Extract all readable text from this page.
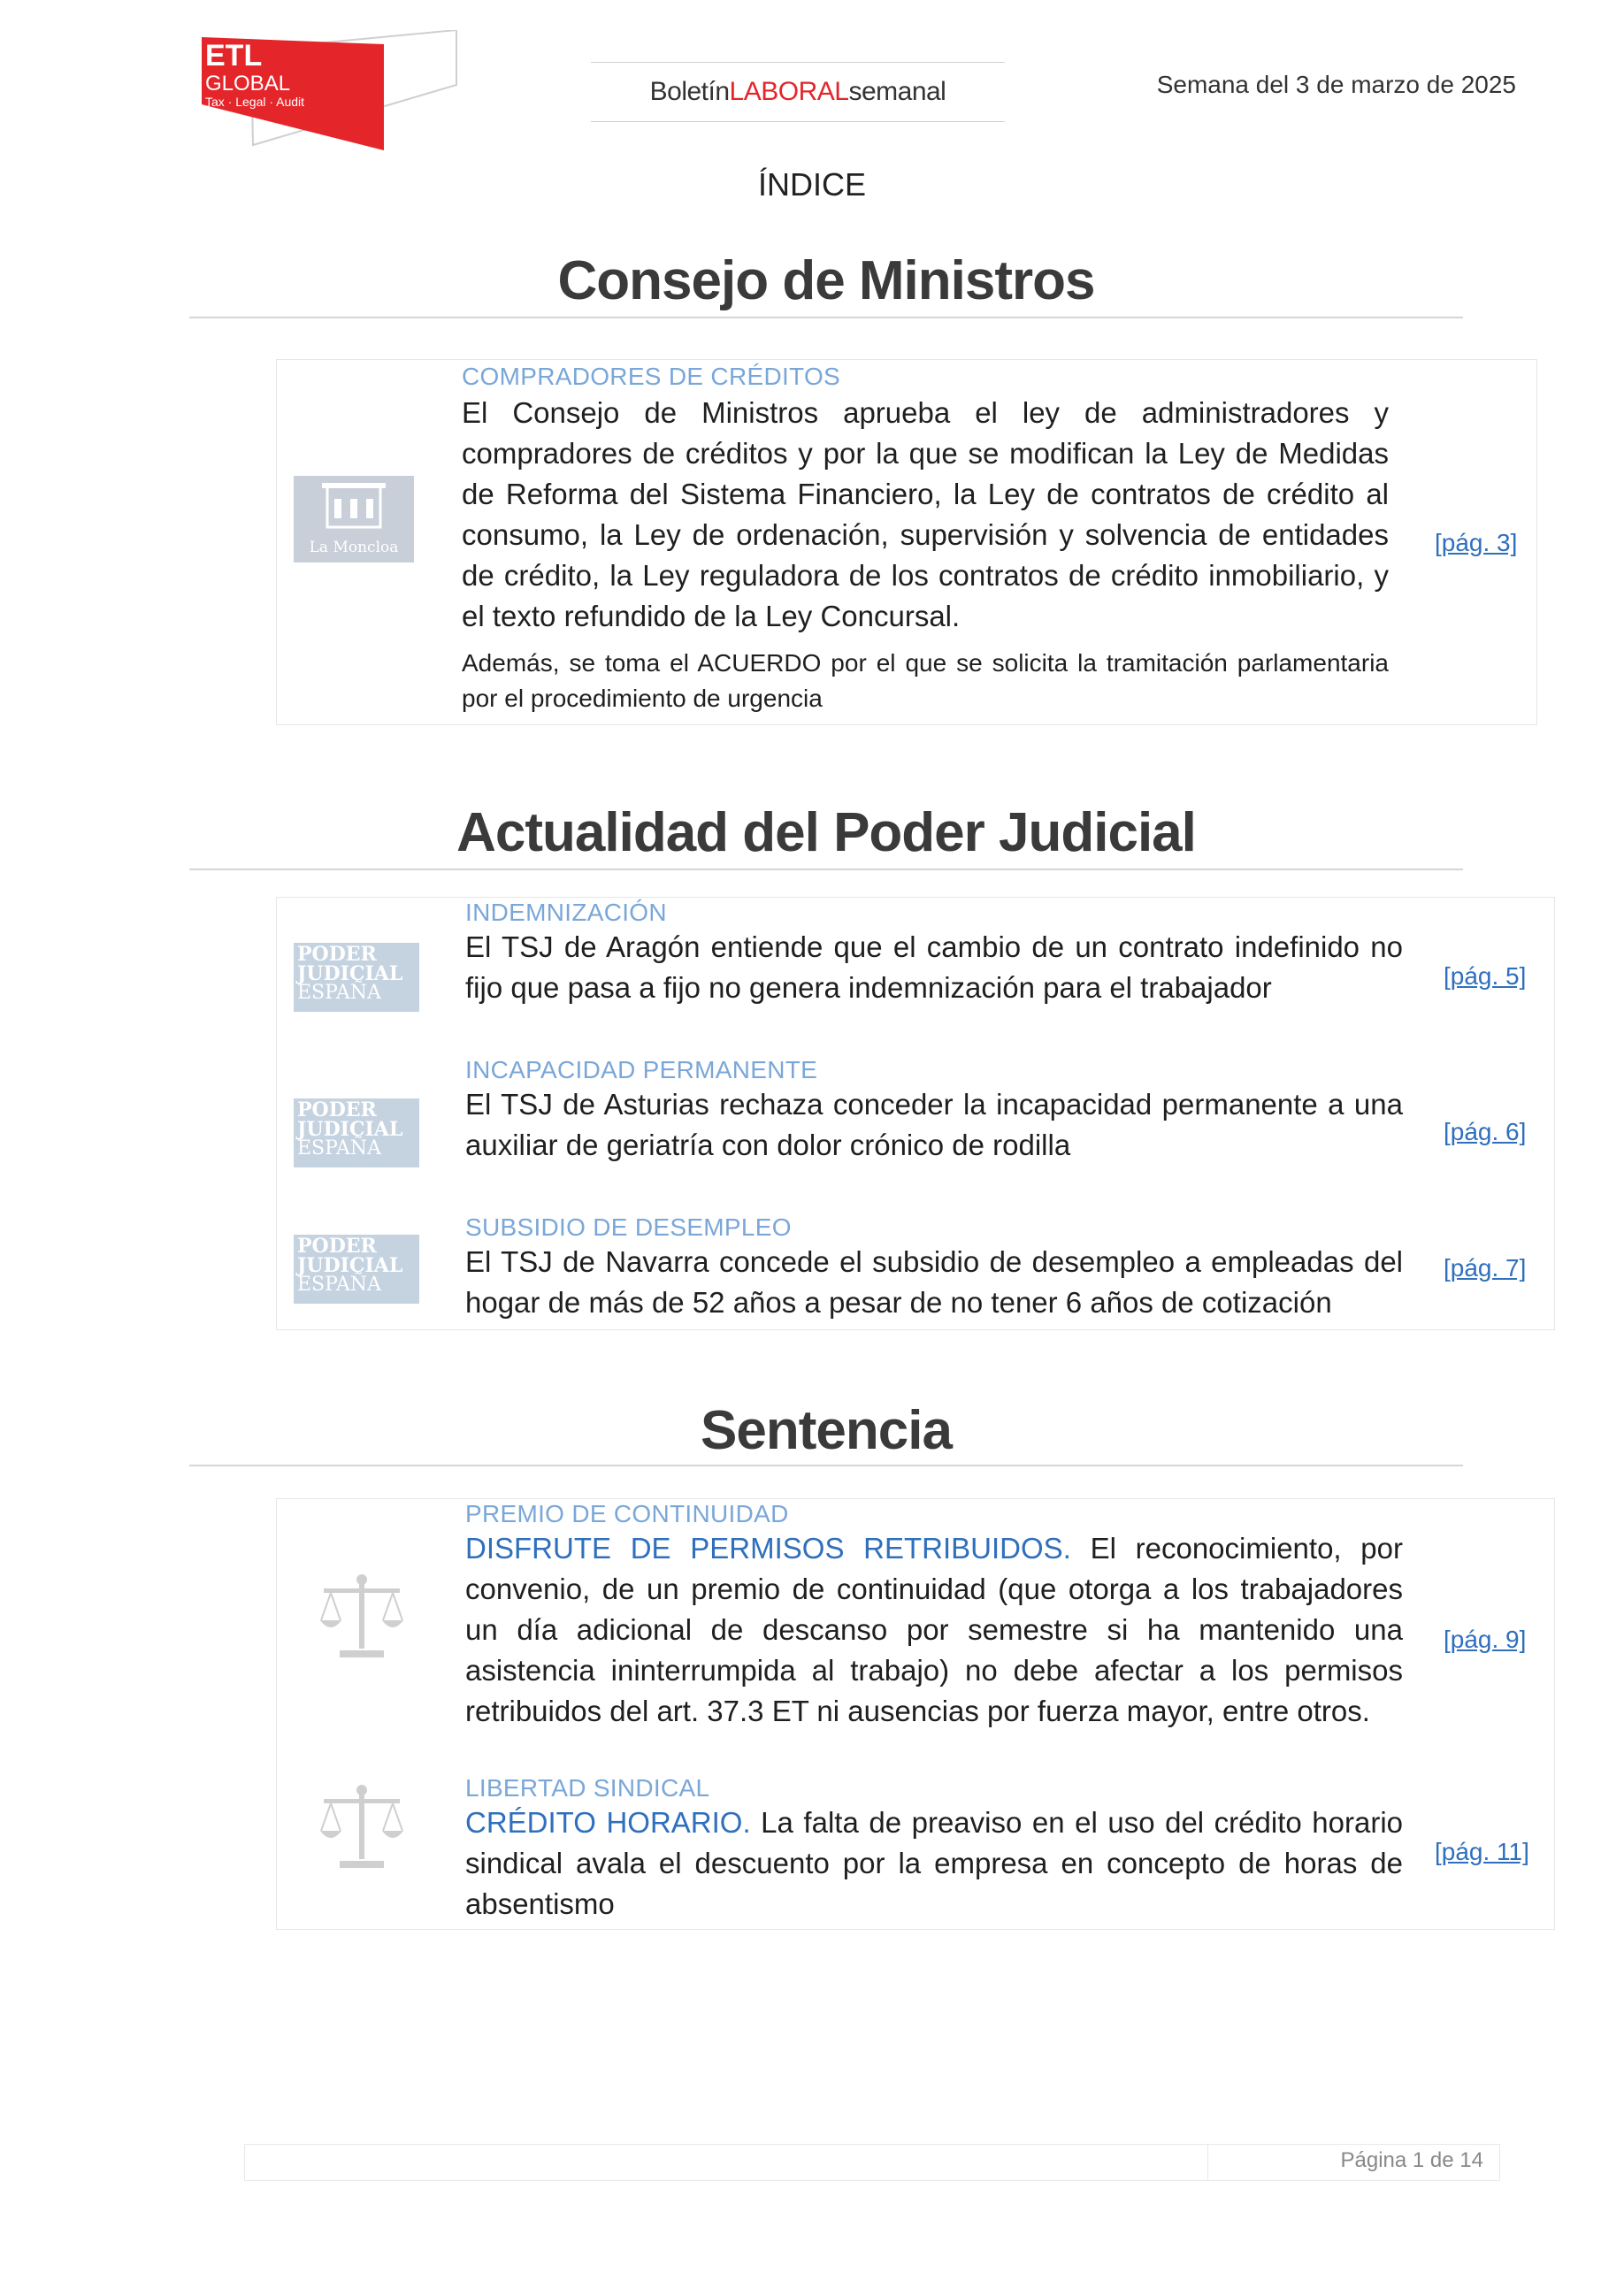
ETL
GLOBAL
Tax · Legal · Audit	Boletín LABORAL semanal	Semana del 3 de marzo de 2025
ÍNDICE
Consejo de Ministros
La Moncloa
COMPRADORES DE CRÉDITOS
El Consejo de Ministros aprueba el ley de administradores y compradores de créditos y por la que se modifican la Ley de Medidas de Reforma del Sistema Financiero, la Ley de contratos de crédito al consumo, la Ley de ordenación, supervisión y solvencia de entidades de crédito, la Ley reguladora de los contratos de crédito inmobiliario, y el texto refundido de la Ley Concursal.
Además, se toma el ACUERDO por el que se solicita la tramitación parlamentaria por el procedimiento de urgencia
[pág. 3]
Actualidad del Poder Judicial
PODER
JUDICIAL
ESPAÑA
INDEMNIZACIÓN
El TSJ de Aragón entiende que el cambio de un contrato indefinido no fijo que pasa a fijo no genera indemnización para el trabajador	[pág. 5]
PODER
JUDICIAL
ESPAÑA
INCAPACIDAD PERMANENTE
El TSJ de Asturias rechaza conceder la incapacidad permanente a una auxiliar de geriatría con dolor crónico de rodilla	[pág. 6]
PODER
JUDICIAL
ESPAÑA
SUBSIDIO DE DESEMPLEO
El TSJ de Navarra concede el subsidio de desempleo a empleadas del hogar de más de 52 años a pesar de no tener 6 años de cotización
[pág. 7]
Sentencia
PREMIO DE CONTINUIDAD
DISFRUTE DE PERMISOS RETRIBUIDOS. El reconocimiento, por convenio, de un premio de continuidad (que otorga a los trabajadores un día adicional de descanso por semestre si ha mantenido una asistencia ininterrumpida al trabajo) no debe afectar a los permisos retribuidos del art. 37.3 ET ni ausencias por fuerza mayor, entre otros.
[pág. 9]
LIBERTAD SINDICAL
CRÉDITO HORARIO. La falta de preaviso en el uso del crédito horario sindical avala el descuento por la empresa en concepto de horas de absentismo
[pág. 11]
Página 1 de 14
